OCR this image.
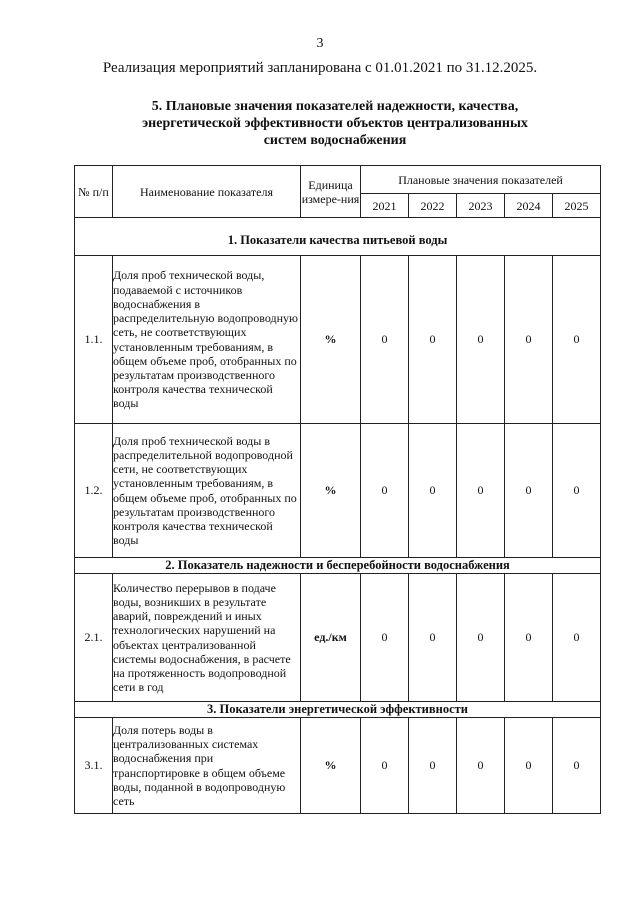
3
Реализация мероприятий запланирована с 01.01.2021 по 31.12.2025.
5. Плановые значения показателей надежности, качества,
энергетической эффективности объектов централизованных
систем водоснабжения
№ п/п	Наименование показателя	Единица измере-ния	Плановые значения показателей				
			2021	2022	2023	2024	2025

1. Показатели качества питьевой воды							
1.1.	Доля проб технической воды, подаваемой с источников водоснабжения в распределительную водопроводную сеть, не соответствующих установленным требованиям, в общем объеме проб, отобранных по результатам производственного контроля качества технической воды	%	0	0	0	0	0
1.2.	Доля проб технической воды в распределительной водопроводной сети, не соответствующих установленным требованиям, в общем объеме проб, отобранных по результатам производственного контроля качества технической воды	%	0	0	0	0	0
2. Показатель надежности и бесперебойности водоснабжения							
2.1.	Количество перерывов в подаче воды, возникших в результате аварий, повреждений и иных технологических нарушений на объектах централизованной системы водоснабжения, в расчете на протяженность водопроводной сети в год	ед./км	0	0	0	0	0
3. Показатели энергетической эффективности							
3.1.	Доля потерь воды в централизованных системах водоснабжения при транспортировке в общем объеме воды, поданной в водопроводную сеть	%	0	0	0	0	0
